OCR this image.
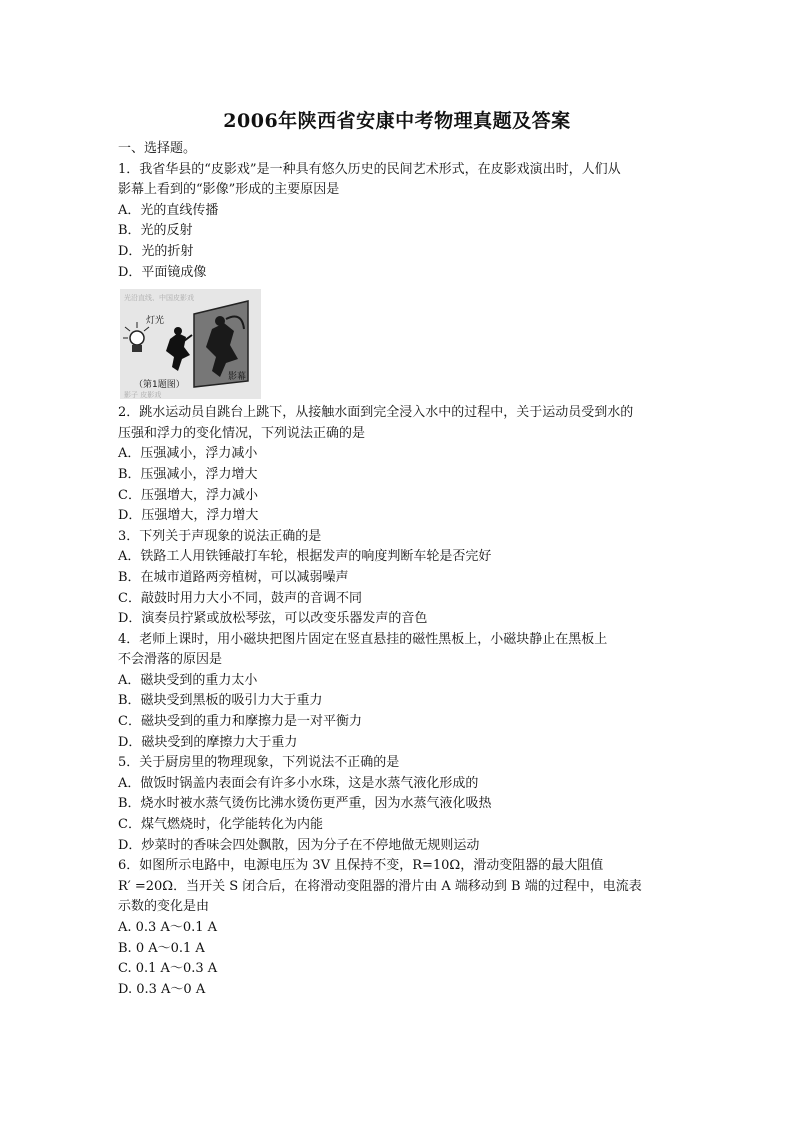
2006年陕西省安康中考物理真题及答案
一、选择题。
1．我省华县的“皮影戏”是一种具有悠久历史的民间艺术形式，在皮影戏演出时，人们从
影幕上看到的“影像”形成的主要原因是
A．光的直线传播
B．光的反射
D．光的折射
D．平面镜成像
光沿直线、中国皮影戏
灯光
影幕
（第1题图）
影子 皮影戏
2．跳水运动员自跳台上跳下，从接触水面到完全浸入水中的过程中，关于运动员受到水的
压强和浮力的变化情况，下列说法正确的是
A．压强减小，浮力减小
B．压强减小，浮力增大
C．压强增大，浮力减小
D．压强增大，浮力增大
3．下列关于声现象的说法正确的是
A．铁路工人用铁锤敲打车轮，根据发声的响度判断车轮是否完好
B．在城市道路两旁植树，可以减弱噪声
C．敲鼓时用力大小不同，鼓声的音调不同
D．演奏员拧紧或放松琴弦，可以改变乐器发声的音色
4．老师上课时，用小磁块把图片固定在竖直悬挂的磁性黑板上，小磁块静止在黑板上
不会滑落的原因是
A．磁块受到的重力太小
B．磁块受到黑板的吸引力大于重力
C．磁块受到的重力和摩擦力是一对平衡力
D．磁块受到的摩擦力大于重力
5．关于厨房里的物理现象，下列说法不正确的是
A．做饭时锅盖内表面会有许多小水珠，这是水蒸气液化形成的
B．烧水时被水蒸气烫伤比沸水烫伤更严重，因为水蒸气液化吸热
C．煤气燃烧时，化学能转化为内能
D．炒菜时的香味会四处飘散，因为分子在不停地做无规则运动
6．如图所示电路中，电源电压为 3V 且保持不变，R=10Ω，滑动变阻器的最大阻值
R′ =20Ω．当开关 S 闭合后，在将滑动变阻器的滑片由 A 端移动到 B 端的过程中，电流表
示数的变化是由
A. 0.3 A～0.1 A
B. 0 A～0.1 A
C. 0.1 A～0.3 A
D. 0.3 A～0 A
